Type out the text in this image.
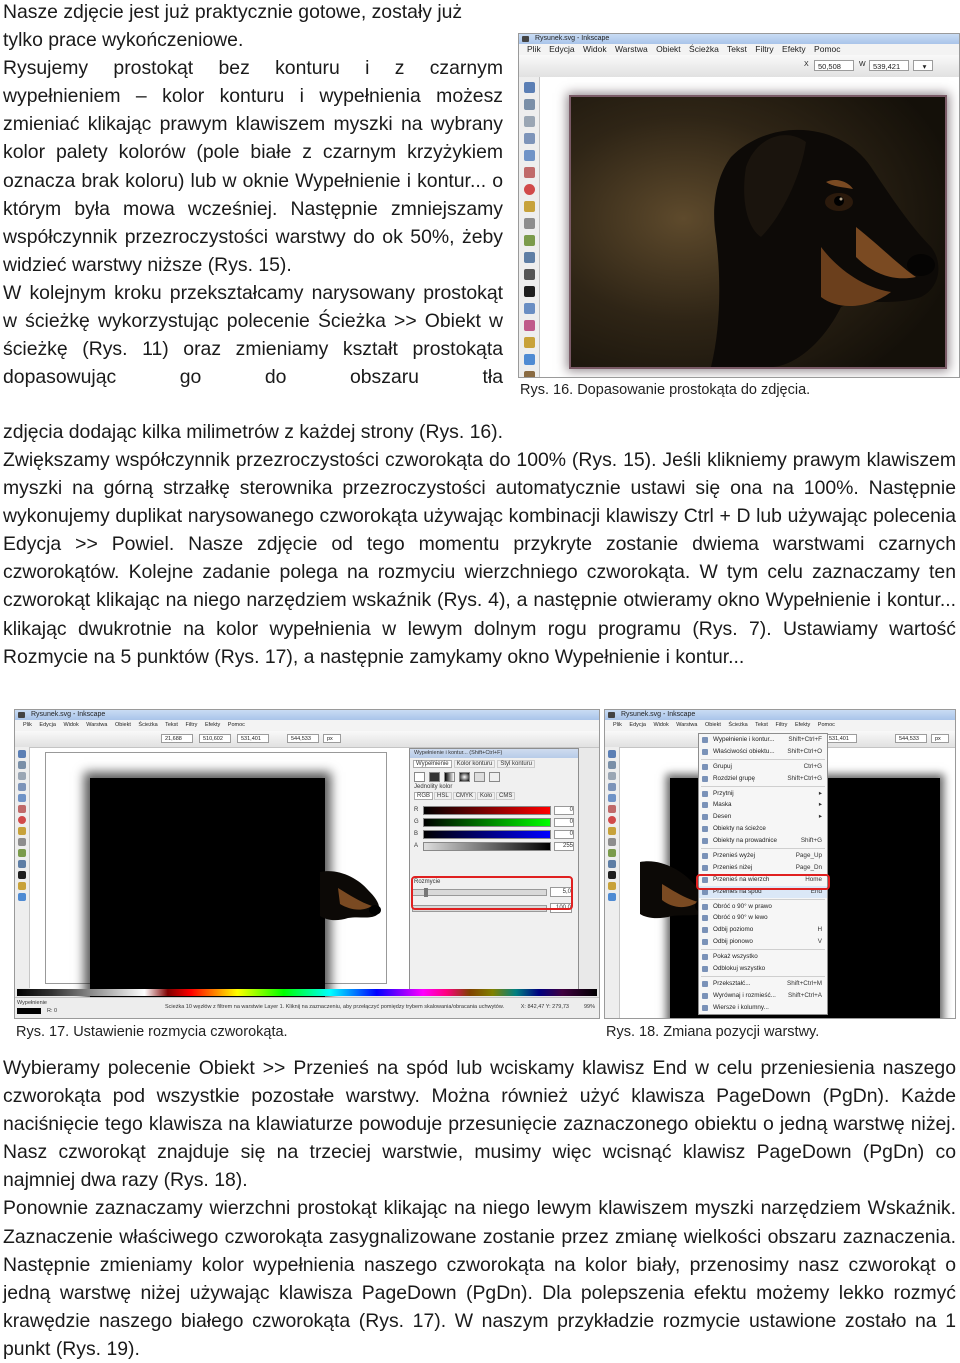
Nasze zdjęcie jest już praktycznie gotowe, zostały już

tylko prace wykończeniowe.

Rysujemy prostokąt bez konturu i z czarnym wypełnieniem – kolor konturu i wypełnienia możesz zmieniać klikając prawym klawiszem myszki na wybrany kolor palety kolorów (pole białe z czarnym krzyżykiem oznacza brak koloru) lub w oknie Wypełnienie i kontur... o którym była mowa wcześniej. Następnie zmniejszamy współczynnik przezroczystości warstwy do ok 50%, żeby widzieć warstwy niższe (Rys. 15).

W kolejnym kroku przekształcamy narysowany prostokąt w ścieżkę wykorzystując polecenie Ścieżka >> Obiekt w ścieżkę (Rys. 11) oraz zmieniamy kształt prostokąta dopasowując go do obszaru tła

zdjęcia dodając kilka milimetrów z każdej strony (Rys. 16).

Rysunek.svg - Inkscape
Plik Edycja Widok Warstwa Obiekt Ścieżka Tekst Filtry Efekty Pomoc
X	50,508	W 539,421	▾
Rys. 16. Dopasowanie prostokąta do zdjęcia.

Zwiększamy współczynnik przezroczystości czworokąta do 100% (Rys. 15). Jeśli klikniemy prawym klawiszem myszki na górną strzałkę sterownika przezroczystości automatycznie ustawi się ona na 100%. Następnie wykonujemy duplikat narysowanego czworokąta używając kombinacji klawiszy Ctrl + D lub używając polecenia Edycja >> Powiel. Nasze zdjęcie od tego momentu przykryte zostanie dwiema warstwami czarnych czworokątów. Kolejne zadanie polega na rozmyciu wierzchniego czworokąta. W tym celu zaznaczamy ten czworokąt klikając na niego narzędziem wskaźnik (Rys. 4), a następnie otwieramy okno Wypełnienie i kontur... klikając dwukrotnie na kolor wypełnienia w lewym dolnym rogu programu (Rys. 7). Ustawiamy wartość Rozmycie na 5 punktów (Rys. 17), a następnie zamykamy okno Wypełnienie i kontur...

Rysunek.svg - Inkscape
Plik Edycja Widok Warstwa Obiekt Ścieżka Tekst Filtry Efekty Pomoc
21,688	510,602	531,401	544,533	px
Wypełnienie i kontur... (Shift+Ctrl+F)
Wypełnienie	Kolor konturu	Styl konturu
Jednolity kolor
RGB	HSL	CMYK	Koło	CMS
R	0
G	0
B	0
A	255
Rozmycie
5,0
100,0
Wypełnienie
R: 0
Ścieżka 10 węzłów z filtrem na warstwie Layer 1. Kliknij na zaznaczeniu, aby przełączyć pomiędzy trybem skalowania/obracania uchwytów.	X: 842,47 Y: 279,73	99%
Rys. 17. Ustawienie rozmycia czworokąta.
Rysunek.svg - Inkscape
Plik Edycja Widok Warstwa Obiekt Ścieżka Tekst Filtry Efekty Pomoc
531,401	544,533	px
Wypełnienie i kontur... Shift+Ctrl+F
Właściwości obiektu... Shift+Ctrl+O
Grupuj	Ctrl+G
Rozdziel grupę	Shift+Ctrl+G
Przytnij	▸
Maska	▸
Desen	▸
Obiekty na ścieżce
Obiekty na prowadnice	Shift+G
Przenieś wyżej	Page_Up
Przenieś niżej	Page_Dn
Przenieś na wierzch	Home
Przenieś na spód	End
Obróć o 90° w prawo
Obróć o 90° w lewo
Odbij poziomo	H
Odbij pionowo	V
Pokaż wszystko
Odblokuj wszystko
Przekształć...	Shift+Ctrl+M
Wyrównaj i rozmieść... Shift+Ctrl+A
Wiersze i kolumny...
Rys. 18. Zmiana pozycji warstwy.

Wybieramy polecenie Obiekt >> Przenieś na spód lub wciskamy klawisz End w celu przeniesienia naszego czworokąta pod wszystkie pozostałe warstwy. Można również użyć klawisza PageDown (PgDn). Każde naciśnięcie tego klawisza na klawiaturze powoduje przesunięcie zaznaczonego obiektu o jedną warstwę niżej. Nasz czworokąt znajduje się na trzeciej warstwie, musimy więc wcisnąć klawisz PageDown (PgDn) co najmniej dwa razy (Rys. 18).

Ponownie zaznaczamy wierzchni prostokąt klikając na niego lewym klawiszem myszki narzędziem Wskaźnik. Zaznaczenie właściwego czworokąta zasygnalizowane zostanie przez zmianę wielkości obszaru zaznaczenia. Następnie zmieniamy kolor wypełnienia naszego czworokąta na kolor biały, przenosimy nasz czworokąt o jedną warstwę niżej używając klawisza PageDown (PgDn). Dla polepszenia efektu możemy lekko rozmyć krawędzie naszego białego czworokąta (Rys. 17). W naszym przykładzie rozmycie ustawione zostało na 1 punkt (Rys. 19).
